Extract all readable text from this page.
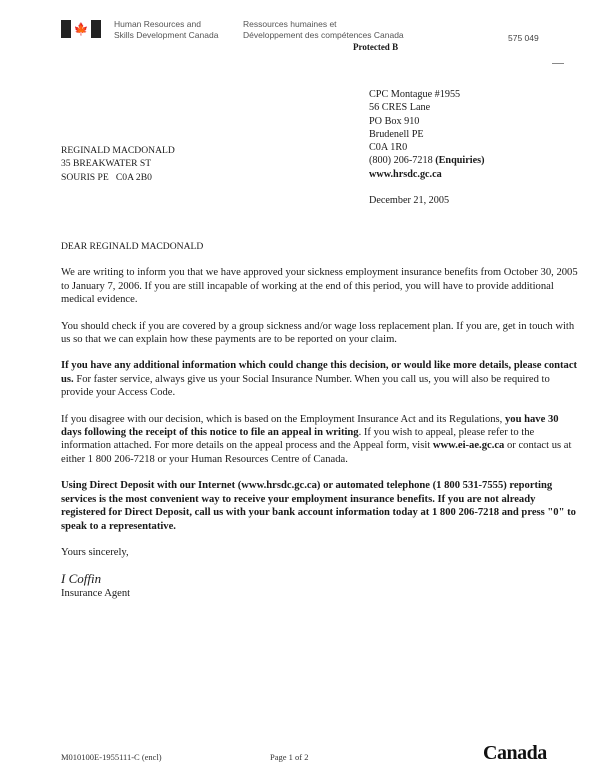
🍁	Human Resources and
Skills Development Canada
Ressources humaines et
Développement des compétences Canada	575 049
Protected B
CPC Montague #1955
56 CRES Lane
PO Box 910
Brudenell PE
C0A 1R0
(800) 206-7218 (Enquiries)
www.hrsdc.gc.ca
December 21, 2005
REGINALD MACDONALD
35 BREAKWATER ST
SOURIS PE   C0A 2B0
DEAR REGINALD MACDONALD
We are writing to inform you that we have approved your sickness employment insurance benefits from October 30, 2005 to January 7, 2006. If you are still incapable of working at the end of this period, you will have to provide additional medical evidence.
You should check if you are covered by a group sickness and/or wage loss replacement plan. If you are, get in touch with us so that we can explain how these payments are to be reported on your claim.
If you have any additional information which could change this decision, or would like more details, please contact us. For faster service, always give us your Social Insurance Number. When you call us, you will also be required to provide your Access Code.
If you disagree with our decision, which is based on the Employment Insurance Act and its Regulations, you have 30 days following the receipt of this notice to file an appeal in writing. If you wish to appeal, please refer to the information attached. For more details on the appeal process and the Appeal form, visit www.ei-ae.gc.ca or contact us at either 1 800 206-7218 or your Human Resources Centre of Canada.
Using Direct Deposit with our Internet (www.hrsdc.gc.ca) or automated telephone (1 800 531-7555) reporting services is the most convenient way to receive your employment insurance benefits. If you are not already registered for Direct Deposit, call us with your bank account information today at 1 800 206-7218 and press "0" to speak to a representative.
Yours sincerely,
I Coffin
Insurance Agent
M010100E-1955111-C (encl)	Page 1 of 2	Canada
